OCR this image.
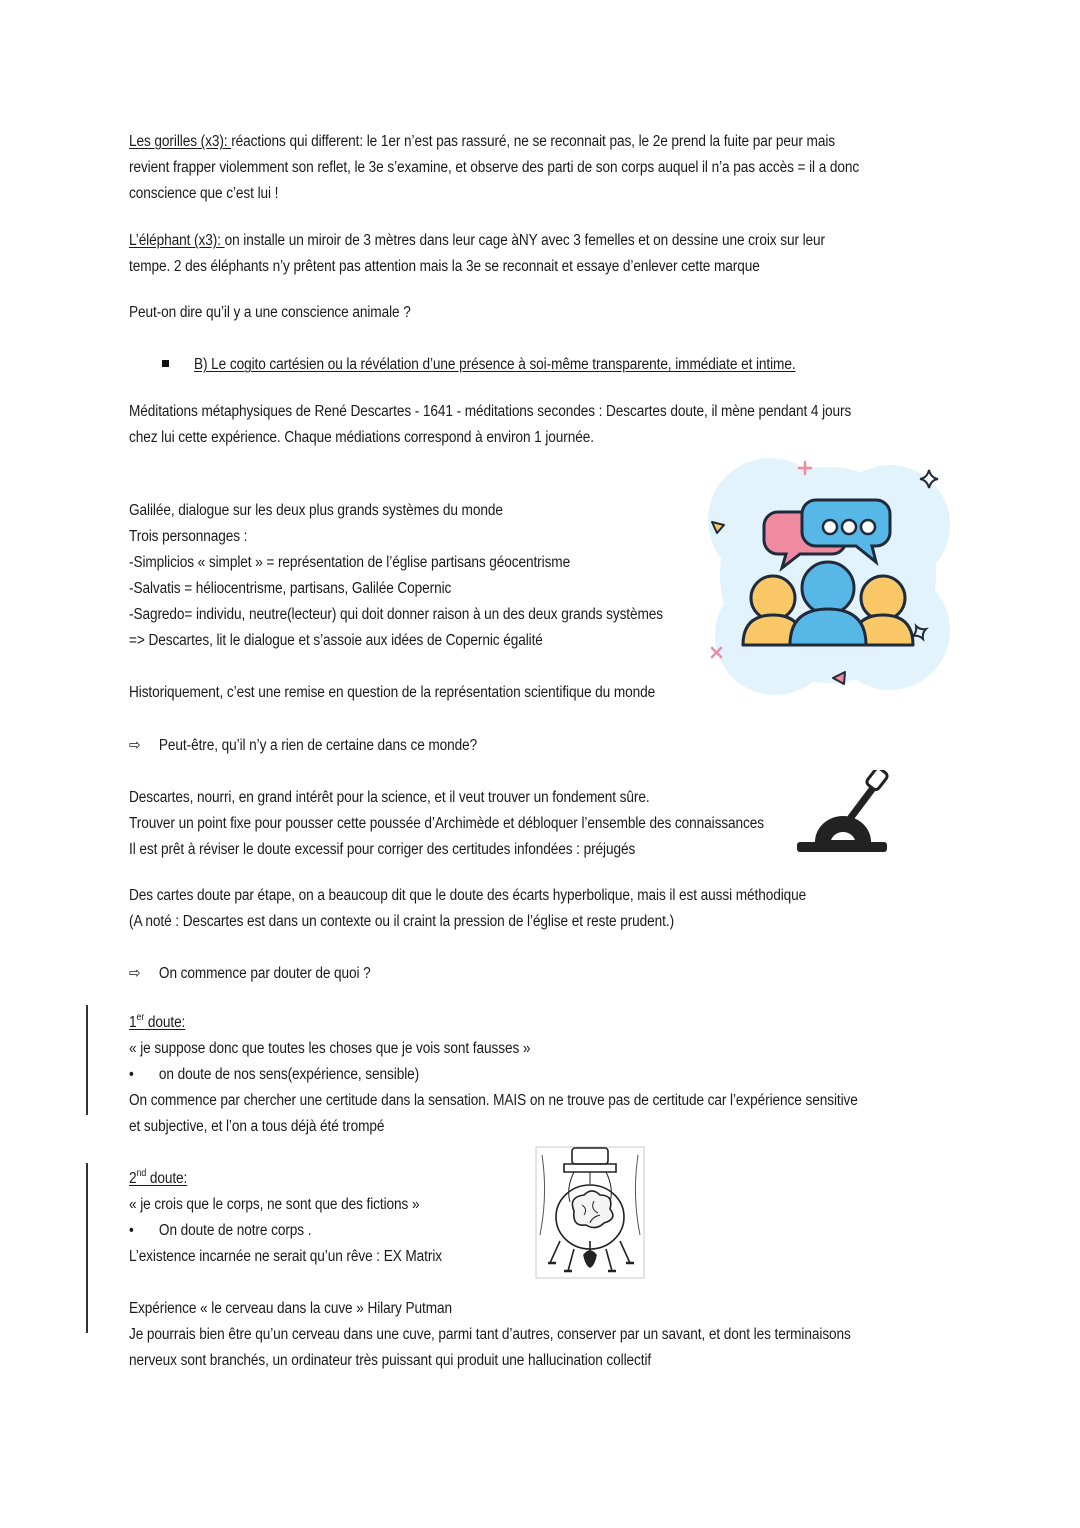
Les gorilles (x3): réactions qui different: le 1er n’est pas rassuré, ne se reconnait pas, le 2e prend la fuite par peur mais
revient frapper violemment son reflet, le 3e s’examine, et observe des parti de son corps auquel il n’a pas accès = il a donc
conscience que c’est lui !
L’éléphant (x3): on installe un miroir de 3 mètres dans leur cage àNY avec 3 femelles et on dessine une croix sur leur
tempe. 2 des éléphants n’y prêtent pas attention mais la 3e se reconnait et essaye d’enlever cette marque
Peut-on dire qu’il y a une conscience animale ?
B) Le cogito cartésien ou la révélation d’une présence à soi-même transparente, immédiate et intime.
Méditations métaphysiques de René Descartes - 1641 - méditations secondes : Descartes doute, il mène pendant 4 jours
chez lui cette expérience. Chaque médiations correspond à environ 1 journée.
Galilée, dialogue sur les deux plus grands systèmes du monde
Trois personnages :
-Simplicios « simplet » = représentation de l’église partisans géocentrisme
-Salvatis = héliocentrisme, partisans, Galilée Copernic
-Sagredo= individu, neutre(lecteur) qui doit donner raison à un des deux grands systèmes
=> Descartes, lit le dialogue et s’assoie aux idées de Copernic égalité
Historiquement, c’est une remise en question de la représentation scientifique du monde
⇨ Peut-être, qu’il n’y a rien de certaine dans ce monde?
Descartes, nourri, en grand intérêt pour la science, et il veut trouver un fondement sûre.
Trouver un point fixe pour pousser cette poussée d’Archimède et débloquer l’ensemble des connaissances
Il est prêt à réviser le doute excessif pour corriger des certitudes infondées : préjugés
Des cartes doute par étape, on a beaucoup dit que le doute des écarts hyperbolique, mais il est aussi méthodique
(A noté : Descartes est dans un contexte ou il craint la pression de l’église et reste prudent.)
⇨ On commence par douter de quoi ?
1er doute:
« je suppose donc que toutes les choses que je vois sont fausses »
• on doute de nos sens(expérience, sensible)
On commence par chercher une certitude dans la sensation. MAIS on ne trouve pas de certitude car l’expérience sensitive
et subjective, et l’on a tous déjà été trompé
2nd doute:
« je crois que le corps, ne sont que des fictions »
• On doute de notre corps .
L’existence incarnée ne serait qu’un rêve : EX Matrix
Expérience « le cerveau dans la cuve » Hilary Putman
Je pourrais bien être qu’un cerveau dans une cuve, parmi tant d’autres, conserver par un savant, et dont les terminaisons
nerveux sont branchés, un ordinateur très puissant qui produit une hallucination collectif
